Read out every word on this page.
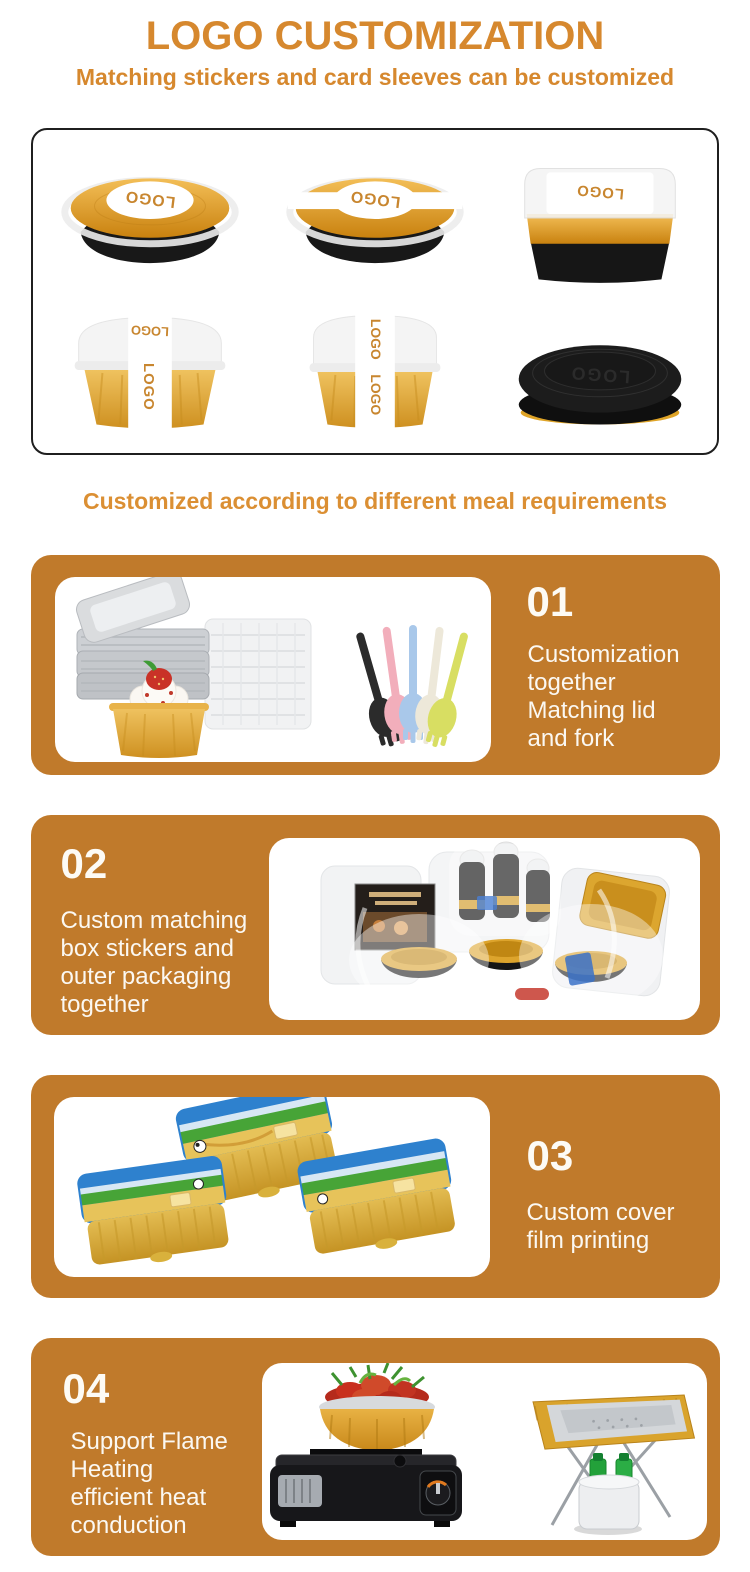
LOGO CUSTOMIZATION
Matching stickers and card sleeves can be customized
LOGO	LOGO	LOGO
LOGO
LOGO
LOGO
LOGO	LOGO
Customized according to different meal requirements
01
Customization
together
Matching lid
and fork
02
Custom matching
box stickers and
outer packaging
together
03
Custom cover
film printing
04
Support Flame
Heating
efficient heat
conduction
